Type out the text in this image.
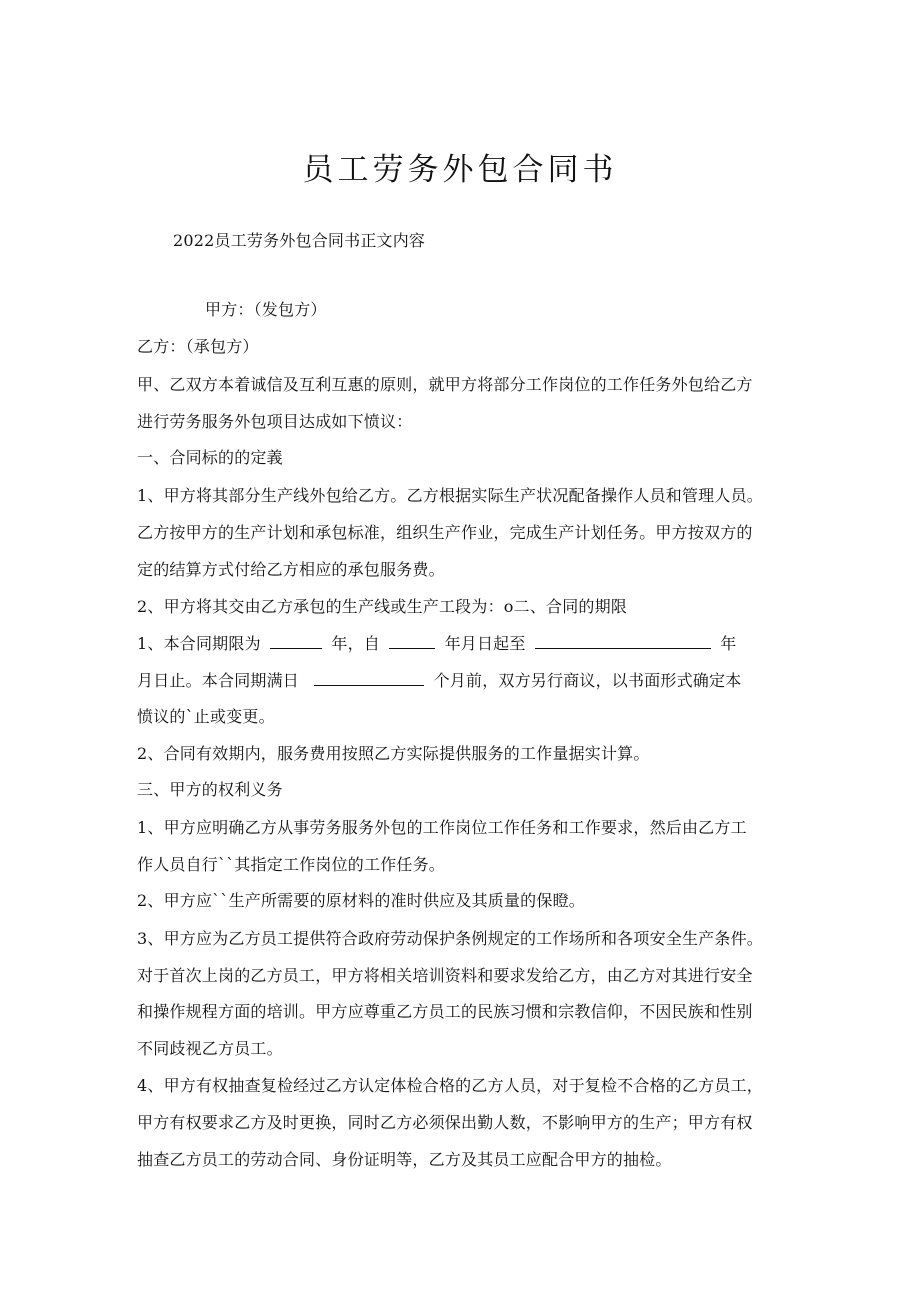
员工劳务外包合同书
2022员工劳务外包合同书正文内容
甲方：（发包方）
乙方：（承包方）
甲、乙双方本着诚信及互利互惠的原则，就甲方将部分工作岗位的工作任务外包给乙方
进行劳务服务外包项目达成如下愤议：
一、合同标的的定義
1、甲方将其部分生产线外包给乙方。乙方根据实际生产状况配备操作人员和管理人员。
乙方按甲方的生产计划和承包标准，组织生产作业，完成生产计划任务。甲方按双方的
定的结算方式付给乙方相应的承包服务费。
2、甲方将其交由乙方承包的生产线或生产工段为：o二、合同的期限
1、本合同期限为	年，自	年月日起至	年
月日止。本合同期满日	个月前，双方另行商议，以书面形式确定本
愤议的`止或变更。
2、合同有效期内，服务费用按照乙方实际提供服务的工作量据实计算。
三、甲方的权利义务
1、甲方应明确乙方从事劳务服务外包的工作岗位工作任务和工作要求，然后由乙方工
作人员自行``其指定工作岗位的工作任务。
2、甲方应``生产所需要的原材料的准时供应及其质量的保瞪。
3、甲方应为乙方员工提供符合政府劳动保护条例规定的工作场所和各项安全生产条件。
对于首次上岗的乙方员工，甲方将相关培训资料和要求发给乙方，由乙方对其进行安全
和操作规程方面的培训。甲方应尊重乙方员工的民族习惯和宗教信仰，不因民族和性别
不同歧视乙方员工。
4、甲方有权抽查复检经过乙方认定体检合格的乙方人员，对于复检不合格的乙方员工，
甲方有权要求乙方及时更换，同时乙方必须保出勤人数，不影响甲方的生产；甲方有权
抽查乙方员工的劳动合同、身份证明等，乙方及其员工应配合甲方的抽检。
